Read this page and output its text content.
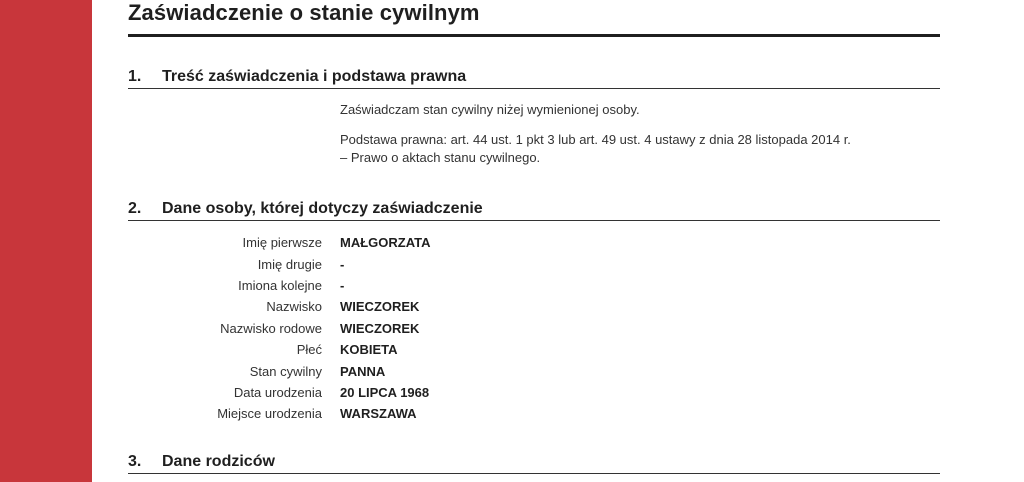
Zaświadczenie o stanie cywilnym
1.	Treść zaświadczenia i podstawa prawna

Zaświadczam stan cywilny niżej wymienionej osoby.

Podstawa prawna: art. 44 ust. 1 pkt 3 lub art. 49 ust. 4 ustawy z dnia 28 listopada 2014 r.
– Prawo o aktach stanu cywilnego.

2.	Dane osoby, której dotyczy zaświadczenie
Imię pierwsze	MAŁGORZATA
Imię drugie	-
Imiona kolejne	-
Nazwisko	WIECZOREK
Nazwisko rodowe	WIECZOREK
Płeć	KOBIETA
Stan cywilny	PANNA
Data urodzenia	20 LIPCA 1968
Miejsce urodzenia	WARSZAWA
3.	Dane rodziców
